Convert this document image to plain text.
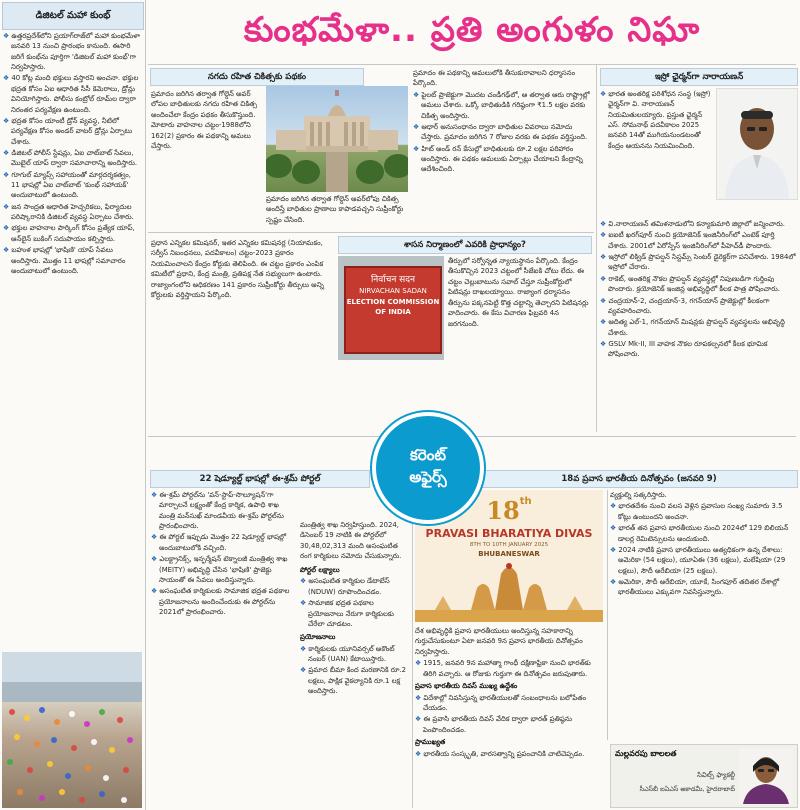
కుంభమేళా.. ప్రతి అంగుళం నిఘా
డిజిటల్ మహా కుంభ్

❖ ఉత్తరప్రదేశ్‌లోని ప్రయాగ్‌రాజ్‌లో మహా కుంభమేళా జనవరి 13 నుంచి ప్రారంభం కానుంది. ఈసారి జరిగే కుంభ్‌ను పూర్తిగా 'డిజిటల్ మహా కుంభ్'గా నిర్వహిస్తారు.

❖ 40 కోట్ల మంది భక్తులు వస్తారని అంచనా. భక్తుల భద్రత కోసం ఏఐ ఆధారిత సీసీ కెమెరాలు, డ్రోన్లు వినియోగిస్తారు. పోలీసు కంట్రోల్ రూమ్‌ల ద్వారా నిరంతర పర్యవేక్షణ ఉంటుంది.

❖ భద్రత కోసం యాంటీ డ్రోన్ వ్యవస్థ, నీటిలో పర్యవేక్షణ కోసం అండర్ వాటర్ డ్రోన్లు ఏర్పాటు చేశారు.

❖ డిజిటల్ పోలీస్ స్టేషన్లు, ఏఐ చాట్‌బాట్ సేవలు, మొబైల్ యాప్ ద్వారా సమాచారాన్ని అందిస్తారు.

❖ గూగుల్ మ్యాప్స్ సహాయంతో మార్గదర్శకత్వం, 11 భాషల్లో ఏఐ చాట్‌బాట్ 'కుంభ్ సహాయక్' అందుబాటులో ఉంటుంది.

❖ జన సాంద్రత ఆధారిత హెచ్చరికలు, ఫిర్యాదుల పరిష్కారానికి డిజిటల్ వ్యవస్థ ఏర్పాటు చేశారు.

❖ భక్తుల వాహనాల పార్కింగ్ కోసం ప్రత్యేక యాప్, ఆన్‌లైన్ బుకింగ్ సదుపాయం కల్పిస్తారు.

❖ బహుళ భాషల్లో 'భాషిణి' యాప్ సేవలు అందిస్తారు. మొత్తం 11 భాషల్లో సమాచారం అందుబాటులో ఉంటుంది.

నగదు రహిత చికిత్సకు పథకం

ప్రమాదం జరిగిన తర్వాత గోల్డెన్ అవర్ లోపల బాధితులకు నగదు రహిత చికిత్స అందించేలా కేంద్రం పథకం తీసుకొస్తుంది. మోటారు వాహనాల చట్టం-1988లోని 162(2) ప్రకారం ఈ పథకాన్ని అమలు చేస్తారు.

ప్రమాదం జరిగిన తర్వాత గోల్డెన్ అవర్‌లోపు చికిత్స అందిస్తే బాధితుల ప్రాణాలు కాపాడవచ్చని సుప్రీంకోర్టు స్పష్టం చేసింది.

ప్రమాదం ఈ పథకాన్ని అమలులోకి తీసుకురావాలని ధర్మాసనం పేర్కొంది.

❖ పైలట్ ప్రాజెక్టుగా మొదట చండీగఢ్‌లో, ఆ తర్వాత ఆరు రాష్ట్రాల్లో అమలు చేశారు. ఒక్కో బాధితుడికి గరిష్ఠంగా ₹1.5 లక్షల వరకు చికిత్స అందిస్తారు.

❖ ఆధార్ అనుసంధానం ద్వారా బాధితుల వివరాలు నమోదు చేస్తారు. ప్రమాదం జరిగిన 7 రోజుల వరకు ఈ పథకం వర్తిస్తుంది.

❖ హిట్ అండ్ రన్ కేసుల్లో బాధితులకు రూ.2 లక్షల పరిహారం అందిస్తారు. ఈ పథకం అమలుకు ఏర్పాట్లు చేయాలని కేంద్రాన్ని ఆదేశించింది.

ఇస్రో ఛైర్మన్‌గా నారాయణన్

❖ భారత అంతరిక్ష పరిశోధన సంస్థ (ఇస్రో) ఛైర్మన్‌గా వి. నారాయణన్ నియమితులయ్యారు. ప్రస్తుత ఛైర్మన్ ఎస్. సోమనాథ్ పదవీకాలం 2025 జనవరి 14తో ముగియనుండటంతో కేంద్రం ఆయనను నియమించింది.

❖ వి.నారాయణన్ తమిళనాడులోని కన్యాకుమారి జిల్లాలో జన్మించారు.

❖ ఐఐటీ ఖరగ్‌పూర్ నుంచి క్రయోజెనిక్ ఇంజినీరింగ్‌లో ఎంటెక్ పూర్తి చేశారు. 2001లో ఏరోస్పేస్ ఇంజినీరింగ్‌లో పీహెచ్‌డీ పొందారు.

❖ ఇస్రోలో లిక్విడ్ ప్రొపల్షన్ సిస్టమ్స్ సెంటర్ డైరెక్టర్‌గా పనిచేశారు. 1984లో ఇస్రోలో చేరారు.

❖ రాకెట్, అంతరిక్ష నౌకల ప్రొపల్షన్ వ్యవస్థల్లో నిపుణుడిగా గుర్తింపు పొందారు. క్రయోజెనిక్ ఇంజిన్ల అభివృద్ధిలో కీలక పాత్ర పోషించారు.

❖ చంద్రయాన్-2, చంద్రయాన్-3, గగన్‌యాన్ ప్రాజెక్టుల్లో కీలకంగా వ్యవహరించారు.

❖ ఆదిత్య ఎల్-1, గగన్‌యాన్ మిషన్లకు ప్రొపల్షన్ వ్యవస్థలను అభివృద్ధి చేశారు.

❖ GSLV Mk-II, III వాహక నౌకల రూపకల్పనలో కీలక భూమిక పోషించారు.

ప్రధాన ఎన్నికల కమిషనర్, ఇతర ఎన్నికల కమిషనర్ల (నియామకం, సర్వీస్ నిబంధనలు, పదవీకాలం) చట్టం-2023 ప్రకారం నియమించాలని కేంద్రం కోర్టుకు తెలిపింది. ఈ చట్టం ప్రకారం ఎంపిక కమిటీలో ప్రధాని, కేంద్ర మంత్రి, ప్రతిపక్ష నేత సభ్యులుగా ఉంటారు. రాజ్యాంగంలోని అధికరణం 141 ప్రకారం సుప్రీంకోర్టు తీర్పులు అన్ని కోర్టులకు వర్తిస్తాయని పేర్కొంది.

శాసన నిర్మాణంలో ఎవరికి ప్రాధాన్యం?
निर्वाचन सदन
NIRVACHAN SADAN
ELECTION COMMISSION
OF INDIA

తీర్పులో సర్వోన్నత న్యాయస్థానం పేర్కొంది. కేంద్రం తీసుకొచ్చిన 2023 చట్టంలో సీజేఐకి చోటు లేదు. ఈ చట్టం చెల్లుబాటును సవాల్ చేస్తూ సుప్రీంకోర్టులో పిటిషన్లు దాఖలయ్యాయి. రాజ్యాంగ ధర్మాసనం తీర్పును పక్కనపెట్టి కొత్త చట్టాన్ని తెచ్చారని పిటిషనర్లు వాదించారు. ఈ కేసు విచారణ ఫిబ్రవరి 4న జరగనుంది.

కరెంట్
అఫైర్స్
22 షెడ్యూల్డ్ భాషల్లో ఈ-శ్రమ్ పోర్టల్

❖ ఈ-శ్రమ్ పోర్టల్‌ను 'వన్-స్టాప్-సొల్యూషన్'గా మార్చాలనే లక్ష్యంతో కేంద్ర కార్మిక, ఉపాధి శాఖ మంత్రి మన్‌సుఖ్ మాండవీయ ఈ-శ్రమ్ పోర్టల్‌ను ప్రారంభించారు.

❖ ఈ పోర్టల్ ఇప్పుడు మొత్తం 22 షెడ్యూల్డ్ భాషల్లో అందుబాటులోకి వచ్చింది.

❖ ఎలక్ట్రానిక్స్, ఇన్ఫర్మేషన్ టెక్నాలజీ మంత్రిత్వ శాఖ (MEITY) అభివృద్ధి చేసిన 'భాషిణి' ప్రాజెక్టు సాయంతో ఈ సేవలు అందిస్తున్నారు.

❖ అసంఘటిత కార్మికులకు సామాజిక భద్రత పథకాల ప్రయోజనాలను అందించేందుకు ఈ పోర్టల్‌ను 2021లో ప్రారంభించారు.

మంత్రిత్వ శాఖ నిర్వహిస్తుంది. 2024, డిసెంబర్ 19 నాటికి ఈ పోర్టల్‌లో 30,48,02,313 మంది అసంఘటిత రంగ కార్మికులు నమోదు చేసుకున్నారు.

పోర్టల్ లక్ష్యాలు

❖ అసంఘటిత కార్మికుల డేటాబేస్ (NDUW) రూపొందించడం.

❖ సామాజిక భద్రత పథకాల ప్రయోజనాలు నేరుగా కార్మికులకు చేరేలా చూడటం.

ప్రయోజనాలు

❖ కార్మికులకు యూనివర్సల్ అకౌంట్ నంబర్ (UAN) కేటాయిస్తారు.

❖ ప్రమాద బీమా కింద మరణానికి రూ.2 లక్షలు, పాక్షిక వైకల్యానికి రూ.1 లక్ష అందిస్తారు.

18వ ప్రవాస భారతీయ దినోత్సవం (జనవరి 9)
18th
PRAVASI BHARATIYA DIVAS
8TH TO 10TH JANUARY 2025
BHUBANESWAR

దేశ అభివృద్ధికి ప్రవాస భారతీయులు అందిస్తున్న సహకారాన్ని గుర్తుచేసుకుంటూ ఏటా జనవరి 9న ప్రవాస భారతీయ దినోత్సవం నిర్వహిస్తారు.

❖ 1915, జనవరి 9న మహాత్మా గాంధీ దక్షిణాఫ్రికా నుంచి భారత్‌కు తిరిగి వచ్చారు. ఆ రోజుకు గుర్తుగా ఈ దినోత్సవం జరుపుతారు.

ప్రవాస భారతీయ దివస్ ముఖ్య ఉద్దేశం

❖ విదేశాల్లో నివసిస్తున్న భారతీయులతో సంబంధాలను బలోపేతం చేయడం.

❖ ఈ ప్రవాసి భారతీయ దివస్ వేదిక ద్వారా భారత్ ప్రతిష్ఠను పెంపొందించడం.

ప్రాముఖ్యత

❖ భారతీయ సంస్కృతి, వారసత్వాన్ని ప్రపంచానికి చాటిచెప్పడం.

వ్యక్తుల్ని సత్కరిస్తారు.

❖ భారతదేశం నుంచి వలస వెళ్లిన ప్రవాసుల సంఖ్య సుమారు 3.5 కోట్లు ఉంటుందని అంచనా.

❖ భారత్ తన ప్రవాస భారతీయుల నుంచి 2024లో 129 బిలియన్ డాలర్ల రెమిటెన్సులను అందుకుంది.

❖ 2024 నాటికి ప్రవాస భారతీయులు అత్యధికంగా ఉన్న దేశాలు: అమెరికా (54 లక్షలు), యూఏఈ (36 లక్షలు), మలేషియా (29 లక్షలు), సౌదీ అరేబియా (25 లక్షలు).

❖ అమెరికా, సౌదీ అరేబియా, యూకే, సింగపూర్ తదితర దేశాల్లో భారతీయులు ఎక్కువగా నివసిస్తున్నారు.

మల్లవరపు బాలలత
సివిల్స్ ఫ్యాకల్టీ
సీఎస్‌బీ ఐఏఎస్ అకాడమీ, హైదరాబాద్
